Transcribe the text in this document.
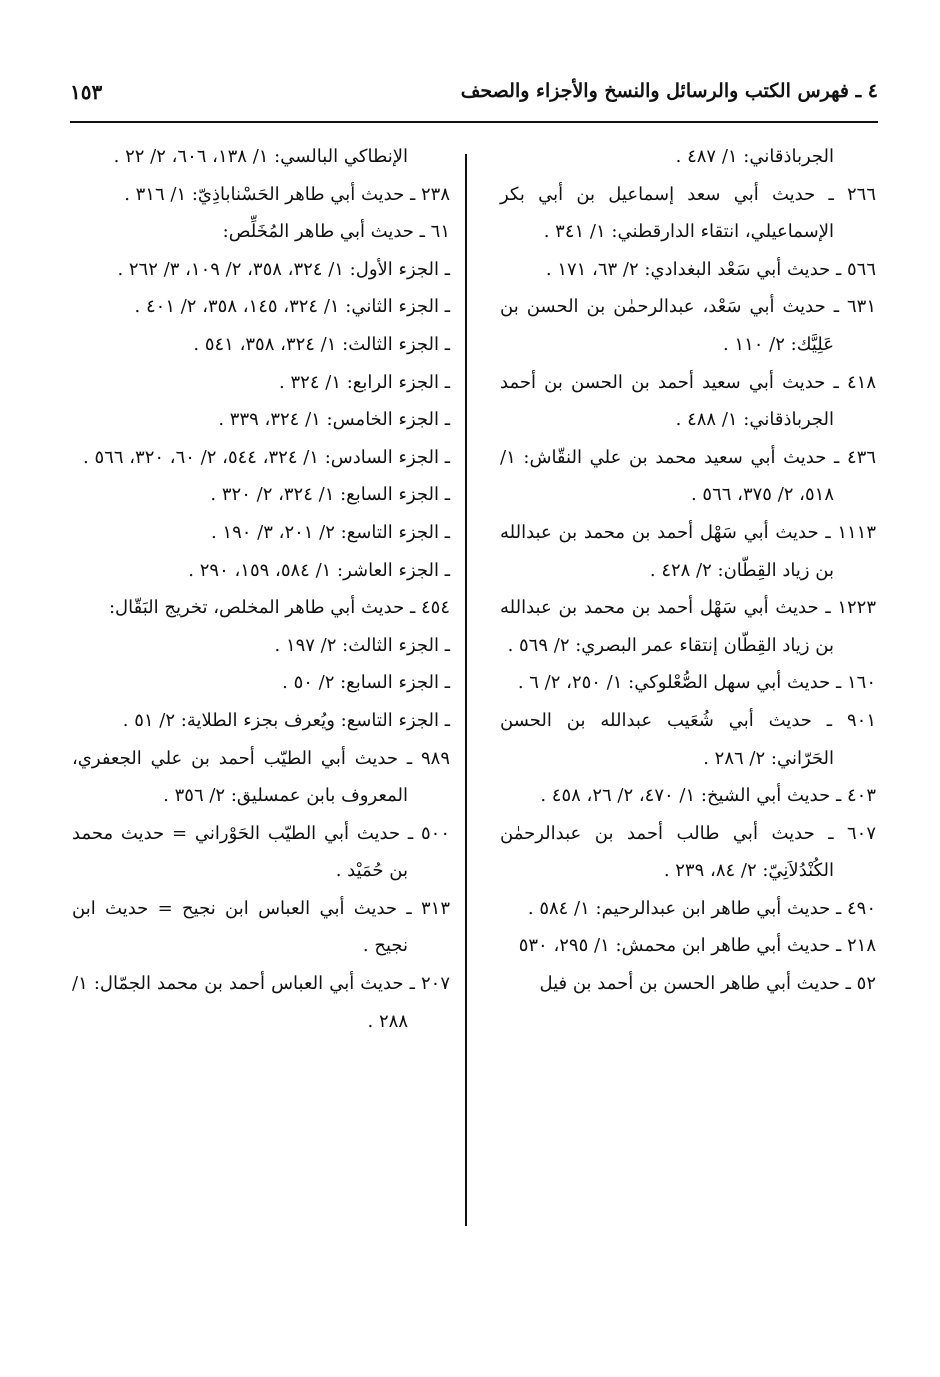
٤ ـ فهرس الكتب والرسائل والنسخ والأجزاء والصحف
١٥٣

الجرباذقاني: ١/ ٤٨٧ .

٢٦٦ ـ حديث أبي سعد إسماعيل بن أبي بكر الإسماعيلي، انتقاء الدارقطني: ١/ ٣٤١ .

٥٦٦ ـ حديث أبي سَعْد البغدادي: ٢/ ٦٣، ١٧١ .

٦٣١ ـ حديث أبي سَعْد، عبدالرحمٰن بن الحسن بن عَلِيَّك: ٢/ ١١٠ .

٤١٨ ـ حديث أبي سعيد أحمد بن الحسن بن أحمد الجرباذقاني: ١/ ٤٨٨ .

٤٣٦ ـ حديث أبي سعيد محمد بن علي النقّاش: ١/ ٥١٨، ٢/ ٣٧٥، ٥٦٦ .

١١١٣ ـ حديث أبي سَهْل أحمد بن محمد بن عبدالله بن زياد القِطّان: ٢/ ٤٢٨ .

١٢٢٣ ـ حديث أبي سَهْل أحمد بن محمد بن عبدالله بن زياد القِطّان إنتقاء عمر البصري: ٢/ ٥٦٩ .

١٦٠ ـ حديث أبي سهل الصُّعْلوكي: ١/ ٢٥٠، ٢/ ٦ .

٩٠١ ـ حديث أبي شُعَيب عبدالله بن الحسن الحَرّاني: ٢/ ٢٨٦ .

٤٠٣ ـ حديث أبي الشيخ: ١/ ٤٧٠، ٢/ ٢٦، ٤٥٨ .

٦٠٧ ـ حديث أبي طالب أحمد بن عبدالرحمٰن الكُنْدُلاَنِيّ: ٢/ ٨٤، ٢٣٩ .

٤٩٠ ـ حديث أبي طاهر ابن عبدالرحيم: ١/ ٥٨٤ .

٢١٨ ـ حديث أبي طاهر ابن محمش: ١/ ٢٩٥، ٥٣٠

٥٢ ـ حديث أبي طاهر الحسن بن أحمد بن فيل

الإنطاكي البالسي: ١/ ١٣٨، ٦٠٦، ٢/ ٢٢ .

٢٣٨ ـ حديث أبي طاهر الحَسْناباذِيّ: ١/ ٣١٦ .

٦١ ـ حديث أبي طاهر المُخَلِّص:

ـ الجزء الأول: ١/ ٣٢٤، ٣٥٨، ٢/ ١٠٩، ٣/ ٢٦٢ .

ـ الجزء الثاني: ١/ ٣٢٤، ١٤٥، ٣٥٨، ٢/ ٤٠١ .

ـ الجزء الثالث: ١/ ٣٢٤، ٣٥٨، ٥٤١ .

ـ الجزء الرابع: ١/ ٣٢٤ .

ـ الجزء الخامس: ١/ ٣٢٤، ٣٣٩ .

ـ الجزء السادس: ١/ ٣٢٤، ٥٤٤، ٢/ ٦٠، ٣٢٠، ٥٦٦ .

ـ الجزء السابع: ١/ ٣٢٤، ٢/ ٣٢٠ .

ـ الجزء التاسع: ٢/ ٢٠١، ٣/ ١٩٠ .

ـ الجزء العاشر: ١/ ٥٨٤، ١٥٩، ٢٩٠ .

٤٥٤ ـ حديث أبي طاهر المخلص، تخريج البَقّال:

ـ الجزء الثالث: ٢/ ١٩٧ .

ـ الجزء السابع: ٢/ ٥٠ .

ـ الجزء التاسع: ويُعرف بجزء الطلاية: ٢/ ٥١ .

٩٨٩ ـ حديث أبي الطيّب أحمد بن علي الجعفري، المعروف بابن عمسليق: ٢/ ٣٥٦ .

٥٠٠ ـ حديث أبي الطيّب الحَوْراني = حديث محمد بن حُمَيْد .

٣١٣ ـ حديث أبي العباس ابن نجيح = حديث ابن نجيح .

٢٠٧ ـ حديث أبي العباس أحمد بن محمد الجمّال: ١/ ٢٨٨ .
